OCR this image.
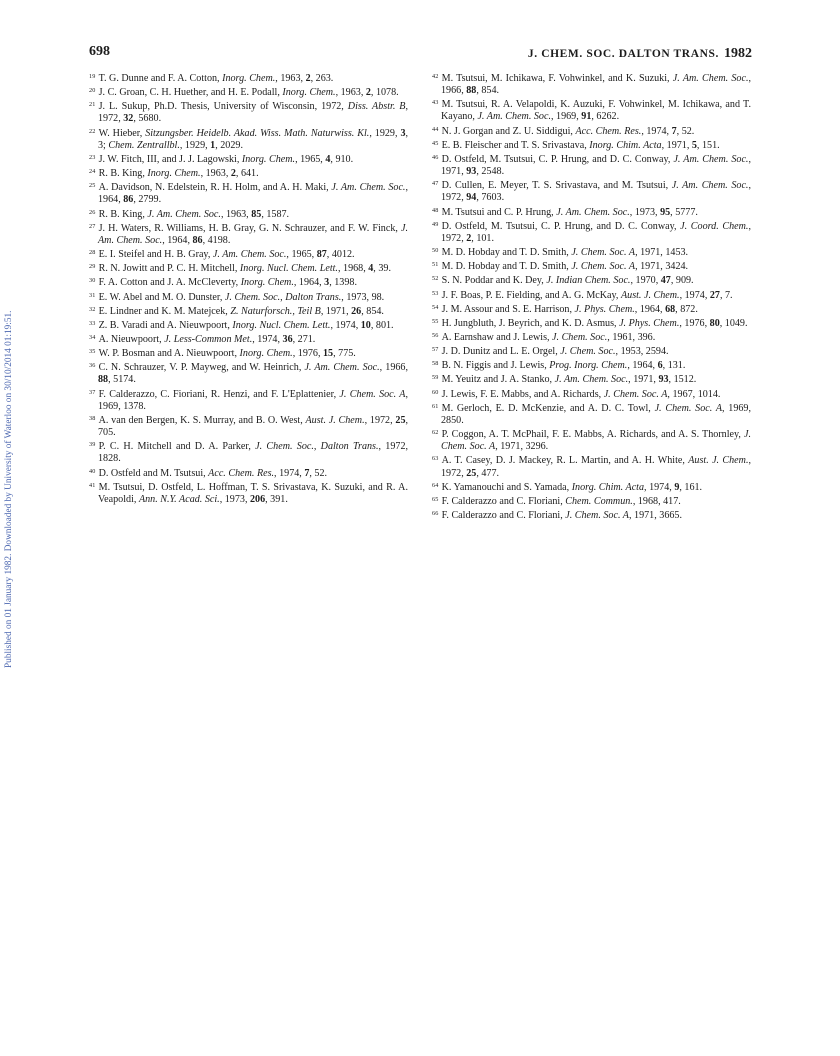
698	J. CHEM. SOC. DALTON TRANS. 1982

$^{19}$ T. G. Dunne and F. A. Cotton, Inorg. Chem., 1963, 2, 263.

$^{20}$ J. C. Groan, C. H. Huether, and H. E. Podall, Inorg. Chem., 1963, 2, 1078.

$^{21}$ J. L. Sukup, Ph.D. Thesis, University of Wisconsin, 1972, Diss. Abstr. B, 1972, 32, 5680.

$^{22}$ W. Hieber, Sitzungsber. Heidelb. Akad. Wiss. Math. Naturwiss. Kl., 1929, 3, 3; Chem. Zentrallbl., 1929, 1, 2029.

$^{23}$ J. W. Fitch, III, and J. J. Lagowski, Inorg. Chem., 1965, 4, 910.

$^{24}$ R. B. King, Inorg. Chem., 1963, 2, 641.

$^{25}$ A. Davidson, N. Edelstein, R. H. Holm, and A. H. Maki, J. Am. Chem. Soc., 1964, 86, 2799.

$^{26}$ R. B. King, J. Am. Chem. Soc., 1963, 85, 1587.

$^{27}$ J. H. Waters, R. Williams, H. B. Gray, G. N. Schrauzer, and F. W. Finck, J. Am. Chem. Soc., 1964, 86, 4198.

$^{28}$ E. I. Steifel and H. B. Gray, J. Am. Chem. Soc., 1965, 87, 4012.

$^{29}$ R. N. Jowitt and P. C. H. Mitchell, Inorg. Nucl. Chem. Lett., 1968, 4, 39.

$^{30}$ F. A. Cotton and J. A. McCleverty, Inorg. Chem., 1964, 3, 1398.

$^{31}$ E. W. Abel and M. O. Dunster, J. Chem. Soc., Dalton Trans., 1973, 98.

$^{32}$ E. Lindner and K. M. Matejcek, Z. Naturforsch., Teil B, 1971, 26, 854.

$^{33}$ Z. B. Varadi and A. Nieuwpoort, Inorg. Nucl. Chem. Lett., 1974, 10, 801.

$^{34}$ A. Nieuwpoort, J. Less-Common Met., 1974, 36, 271.

$^{35}$ W. P. Bosman and A. Nieuwpoort, Inorg. Chem., 1976, 15, 775.

$^{36}$ C. N. Schrauzer, V. P. Mayweg, and W. Heinrich, J. Am. Chem. Soc., 1966, 88, 5174.

$^{37}$ F. Calderazzo, C. Fioriani, R. Henzi, and F. L'Eplattenier, J. Chem. Soc. A, 1969, 1378.

$^{38}$ A. van den Bergen, K. S. Murray, and B. O. West, Aust. J. Chem., 1972, 25, 705.

$^{39}$ P. C. H. Mitchell and D. A. Parker, J. Chem. Soc., Dalton Trans., 1972, 1828.

$^{40}$ D. Ostfeld and M. Tsutsui, Acc. Chem. Res., 1974, 7, 52.

$^{41}$ M. Tsutsui, D. Ostfeld, L. Hoffman, T. S. Srivastava, K. Suzuki, and R. A. Veapoldi, Ann. N.Y. Acad. Sci., 1973, 206, 391.

$^{42}$ M. Tsutsui, M. Ichikawa, F. Vohwinkel, and K. Suzuki, J. Am. Chem. Soc., 1966, 88, 854.

$^{43}$ M. Tsutsui, R. A. Velapoldi, K. Auzuki, F. Vohwinkel, M. Ichikawa, and T. Kayano, J. Am. Chem. Soc., 1969, 91, 6262.

$^{44}$ N. J. Gorgan and Z. U. Siddigui, Acc. Chem. Res., 1974, 7, 52.

$^{45}$ E. B. Fleischer and T. S. Srivastava, Inorg. Chim. Acta, 1971, 5, 151.

$^{46}$ D. Ostfeld, M. Tsutsui, C. P. Hrung, and D. C. Conway, J. Am. Chem. Soc., 1971, 93, 2548.

$^{47}$ D. Cullen, E. Meyer, T. S. Srivastava, and M. Tsutsui, J. Am. Chem. Soc., 1972, 94, 7603.

$^{48}$ M. Tsutsui and C. P. Hrung, J. Am. Chem. Soc., 1973, 95, 5777.

$^{49}$ D. Ostfeld, M. Tsutsui, C. P. Hrung, and D. C. Conway, J. Coord. Chem., 1972, 2, 101.

$^{50}$ M. D. Hobday and T. D. Smith, J. Chem. Soc. A, 1971, 1453.

$^{51}$ M. D. Hobday and T. D. Smith, J. Chem. Soc. A, 1971, 3424.

$^{52}$ S. N. Poddar and K. Dey, J. Indian Chem. Soc., 1970, 47, 909.

$^{53}$ J. F. Boas, P. E. Fielding, and A. G. McKay, Aust. J. Chem., 1974, 27, 7.

$^{54}$ J. M. Assour and S. E. Harrison, J. Phys. Chem., 1964, 68, 872.

$^{55}$ H. Jungbluth, J. Beyrich, and K. D. Asmus, J. Phys. Chem., 1976, 80, 1049.

$^{56}$ A. Earnshaw and J. Lewis, J. Chem. Soc., 1961, 396.

$^{57}$ J. D. Dunitz and L. E. Orgel, J. Chem. Soc., 1953, 2594.

$^{58}$ B. N. Figgis and J. Lewis, Prog. Inorg. Chem., 1964, 6, 131.

$^{59}$ M. Yeuitz and J. A. Stanko, J. Am. Chem. Soc., 1971, 93, 1512.

$^{60}$ J. Lewis, F. E. Mabbs, and A. Richards, J. Chem. Soc. A, 1967, 1014.

$^{61}$ M. Gerloch, E. D. McKenzie, and A. D. C. Towl, J. Chem. Soc. A, 1969, 2850.

$^{62}$ P. Coggon, A. T. McPhail, F. E. Mabbs, A. Richards, and A. S. Thornley, J. Chem. Soc. A, 1971, 3296.

$^{63}$ A. T. Casey, D. J. Mackey, R. L. Martin, and A. H. White, Aust. J. Chem., 1972, 25, 477.

$^{64}$ K. Yamanouchi and S. Yamada, Inorg. Chim. Acta, 1974, 9, 161.

$^{65}$ F. Calderazzo and C. Floriani, Chem. Commun., 1968, 417.

$^{66}$ F. Calderazzo and C. Floriani, J. Chem. Soc. A, 1971, 3665.

Published on 01 January 1982. Downloaded by University of Waterloo on 30/10/2014 01:19:51.
